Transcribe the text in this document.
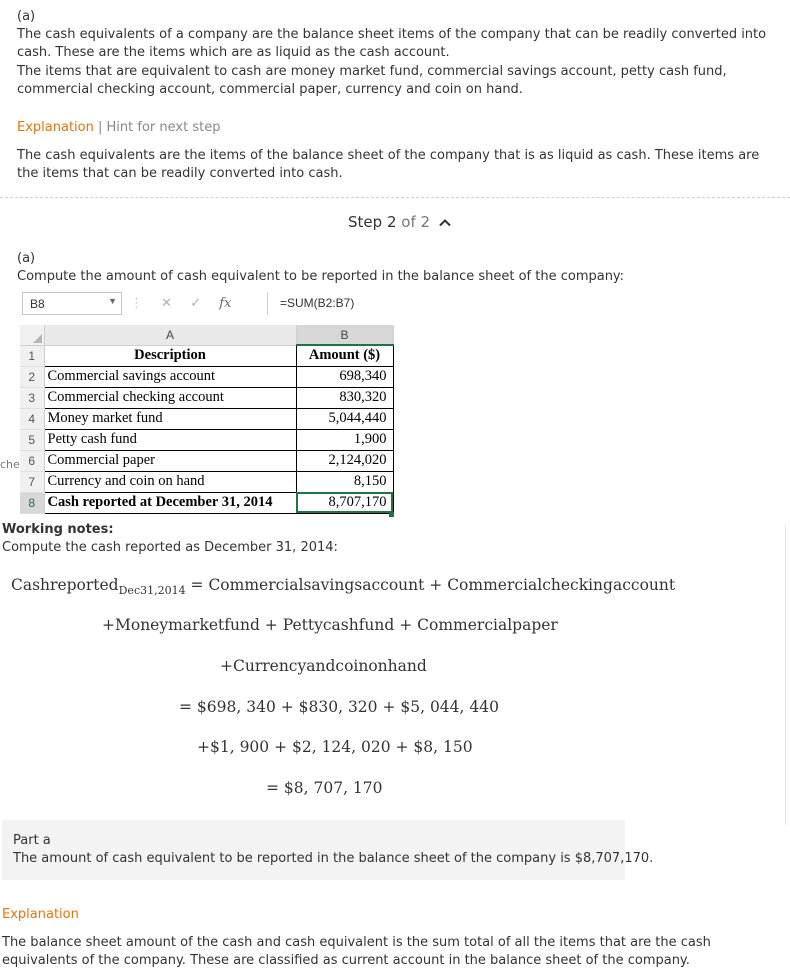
(a)

The cash equivalents of a company are the balance sheet items of the company that can be readily converted into cash. These are the items which are as liquid as the cash account.

The items that are equivalent to cash are money market fund, commercial savings account, petty cash fund, commercial checking account, commercial paper, currency and coin on hand.

Explanation | Hint for next step

The cash equivalents are the items of the balance sheet of the company that is as liquid as cash. These items are the items that can be readily converted into cash.

Step 2 of 2
(a)

Compute the amount of cash equivalent to be reported in the balance sheet of the company:

B8	▼ ⋮ ✕ ✓ fx	=SUM(B2:B7)
	A	B
1	Description	Amount ($)
2	Commercial savings account	698,340
3	Commercial checking account	830,320
4	Money market fund	5,044,440
5	Petty cash fund	1,900
6	Commercial paper	2,124,020
7	Currency and coin on hand	8,150
8	Cash reported at December 31, 2014	8,707,170
che
Working notes:
Compute the cash reported as December 31, 2014:
Cashreported$_{Dec31,2014}$ = Commercialsavingsaccount + Commercialcheckingaccount
+Moneymarketfund + Pettycashfund + Commercialpaper
+Currencyandcoinonhand
= $698, 340 + $830, 320 + $5, 044, 440
+$1, 900 + $2, 124, 020 + $8, 150
= $8, 707, 170
Part a
The amount of cash equivalent to be reported in the balance sheet of the company is $8,707,170.
Explanation

The balance sheet amount of the cash and cash equivalent is the sum total of all the items that are the cash equivalents of the company. These are classified as current account in the balance sheet of the company.
